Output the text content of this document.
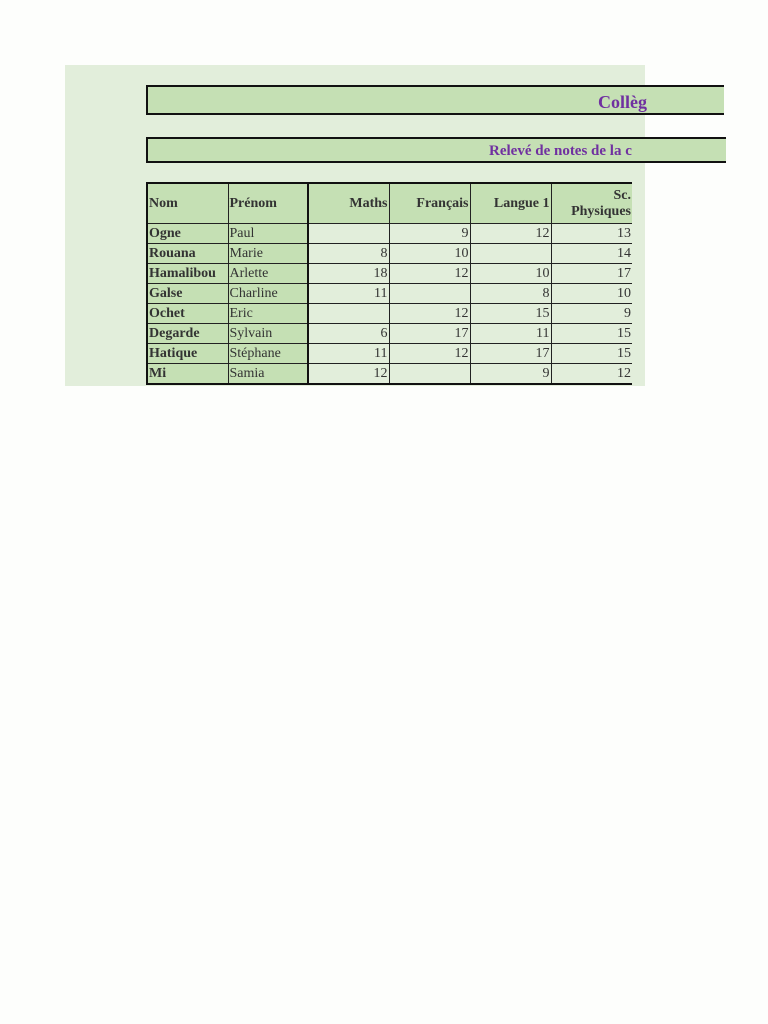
Collèg
Relevé de notes de la c
Nom	Prénom	Maths	Français	Langue 1	Sc.
Physiques
Ogne	Paul		9	12	13
Rouana	Marie	8	10		14
Hamalibou	Arlette	18	12	10	17
Galse	Charline	11		8	10
Ochet	Eric		12	15	9
Degarde	Sylvain	6	17	11	15
Hatique	Stéphane	11	12	17	15
Mi	Samia	12		9	12
